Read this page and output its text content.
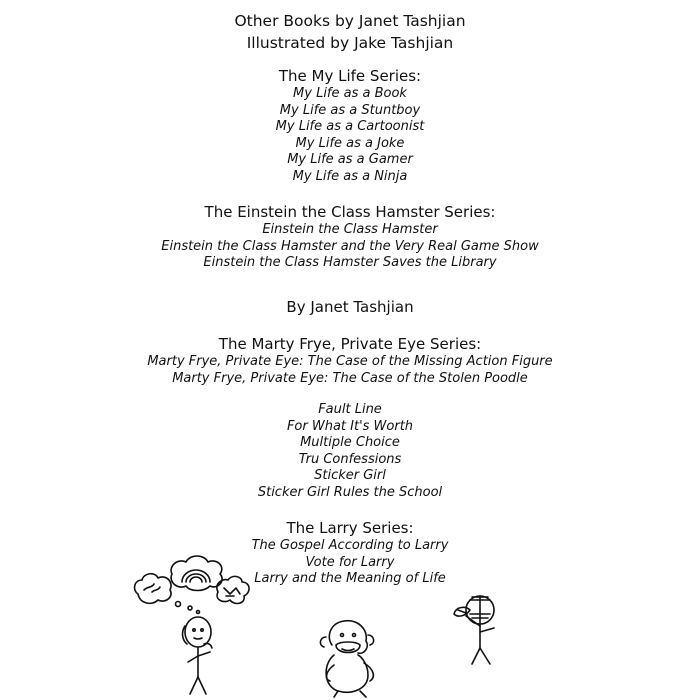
Other Books by Janet Tashjian
Illustrated by Jake Tashjian
The My Life Series:
My Life as a Book
My Life as a Stuntboy
My Life as a Cartoonist
My Life as a Joke
My Life as a Gamer
My Life as a Ninja
The Einstein the Class Hamster Series:
Einstein the Class Hamster
Einstein the Class Hamster and the Very Real Game Show
Einstein the Class Hamster Saves the Library
By Janet Tashjian
The Marty Frye, Private Eye Series:
Marty Frye, Private Eye: The Case of the Missing Action Figure
Marty Frye, Private Eye: The Case of the Stolen Poodle
Fault Line
For What It's Worth
Multiple Choice
Tru Confessions
Sticker Girl
Sticker Girl Rules the School
The Larry Series:
The Gospel According to Larry
Vote for Larry
Larry and the Meaning of Life
